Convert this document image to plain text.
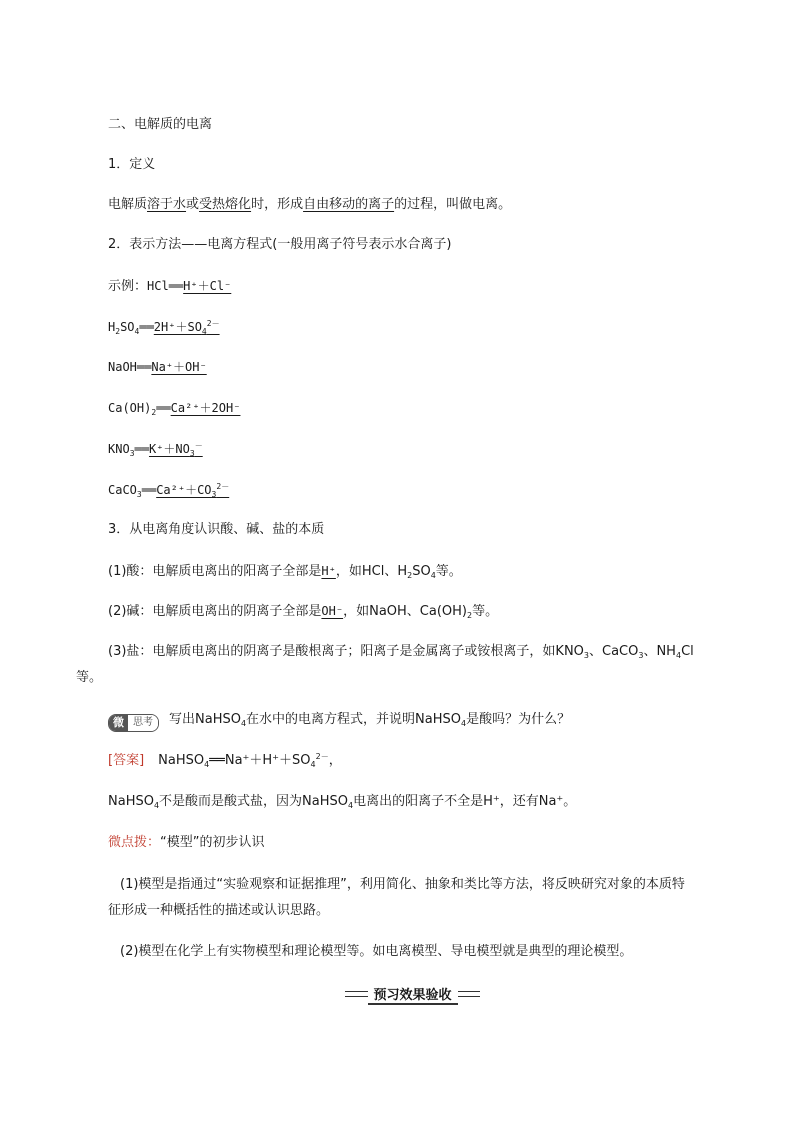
二、电解质的电离
1．定义
电解质溶于水或受热熔化时，形成自由移动的离子的过程，叫做电离。
2．表示方法——电离方程式(一般用离子符号表示水合离子)
示例：HCl══H⁺＋Cl⁻
$H_2SO_4══2H^++SO_4^{2-}$
NaOH══Na⁺＋OH⁻
$Ca(OH)_2══Ca^{2+}+2OH^-$
$KNO_3══K^++NO_3^-$
$CaCO_3══Ca^{2+}+CO_3^{2-}$
3．从电离角度认识酸、碱、盐的本质
(1)酸：电解质电离出的阳离子全部是H⁺，如HCl、$H_2SO_4$等。
(2)碱：电解质电离出的阴离子全部是OH⁻，如NaOH、$Ca(OH)_2$等。
(3)盐：电解质电离出的阴离子是酸根离子；阳离子是金属离子或铵根离子，如$KNO_3$、CaCO$_3$、$NH_4Cl$
等。
微 思考	写出NaHSO$_4$在水中的电离方程式，并说明NaHSO$_4$是酸吗？为什么？
[答案] $NaHSO_4══Na^++H^++SO_4^{2-}$，
NaHSO$_4$不是酸而是酸式盐，因为NaHSO$_4$电离出的阳离子不全是H⁺，还有Na⁺。
微点拨：“模型”的初步认识
(1)模型是指通过“实验观察和证据推理”，利用简化、抽象和类比等方法，将反映研究对象的本质特
征形成一种概括性的描述或认识思路。
(2)模型在化学上有实物模型和理论模型等。如电离模型、导电模型就是典型的理论模型。
预习效果验收
